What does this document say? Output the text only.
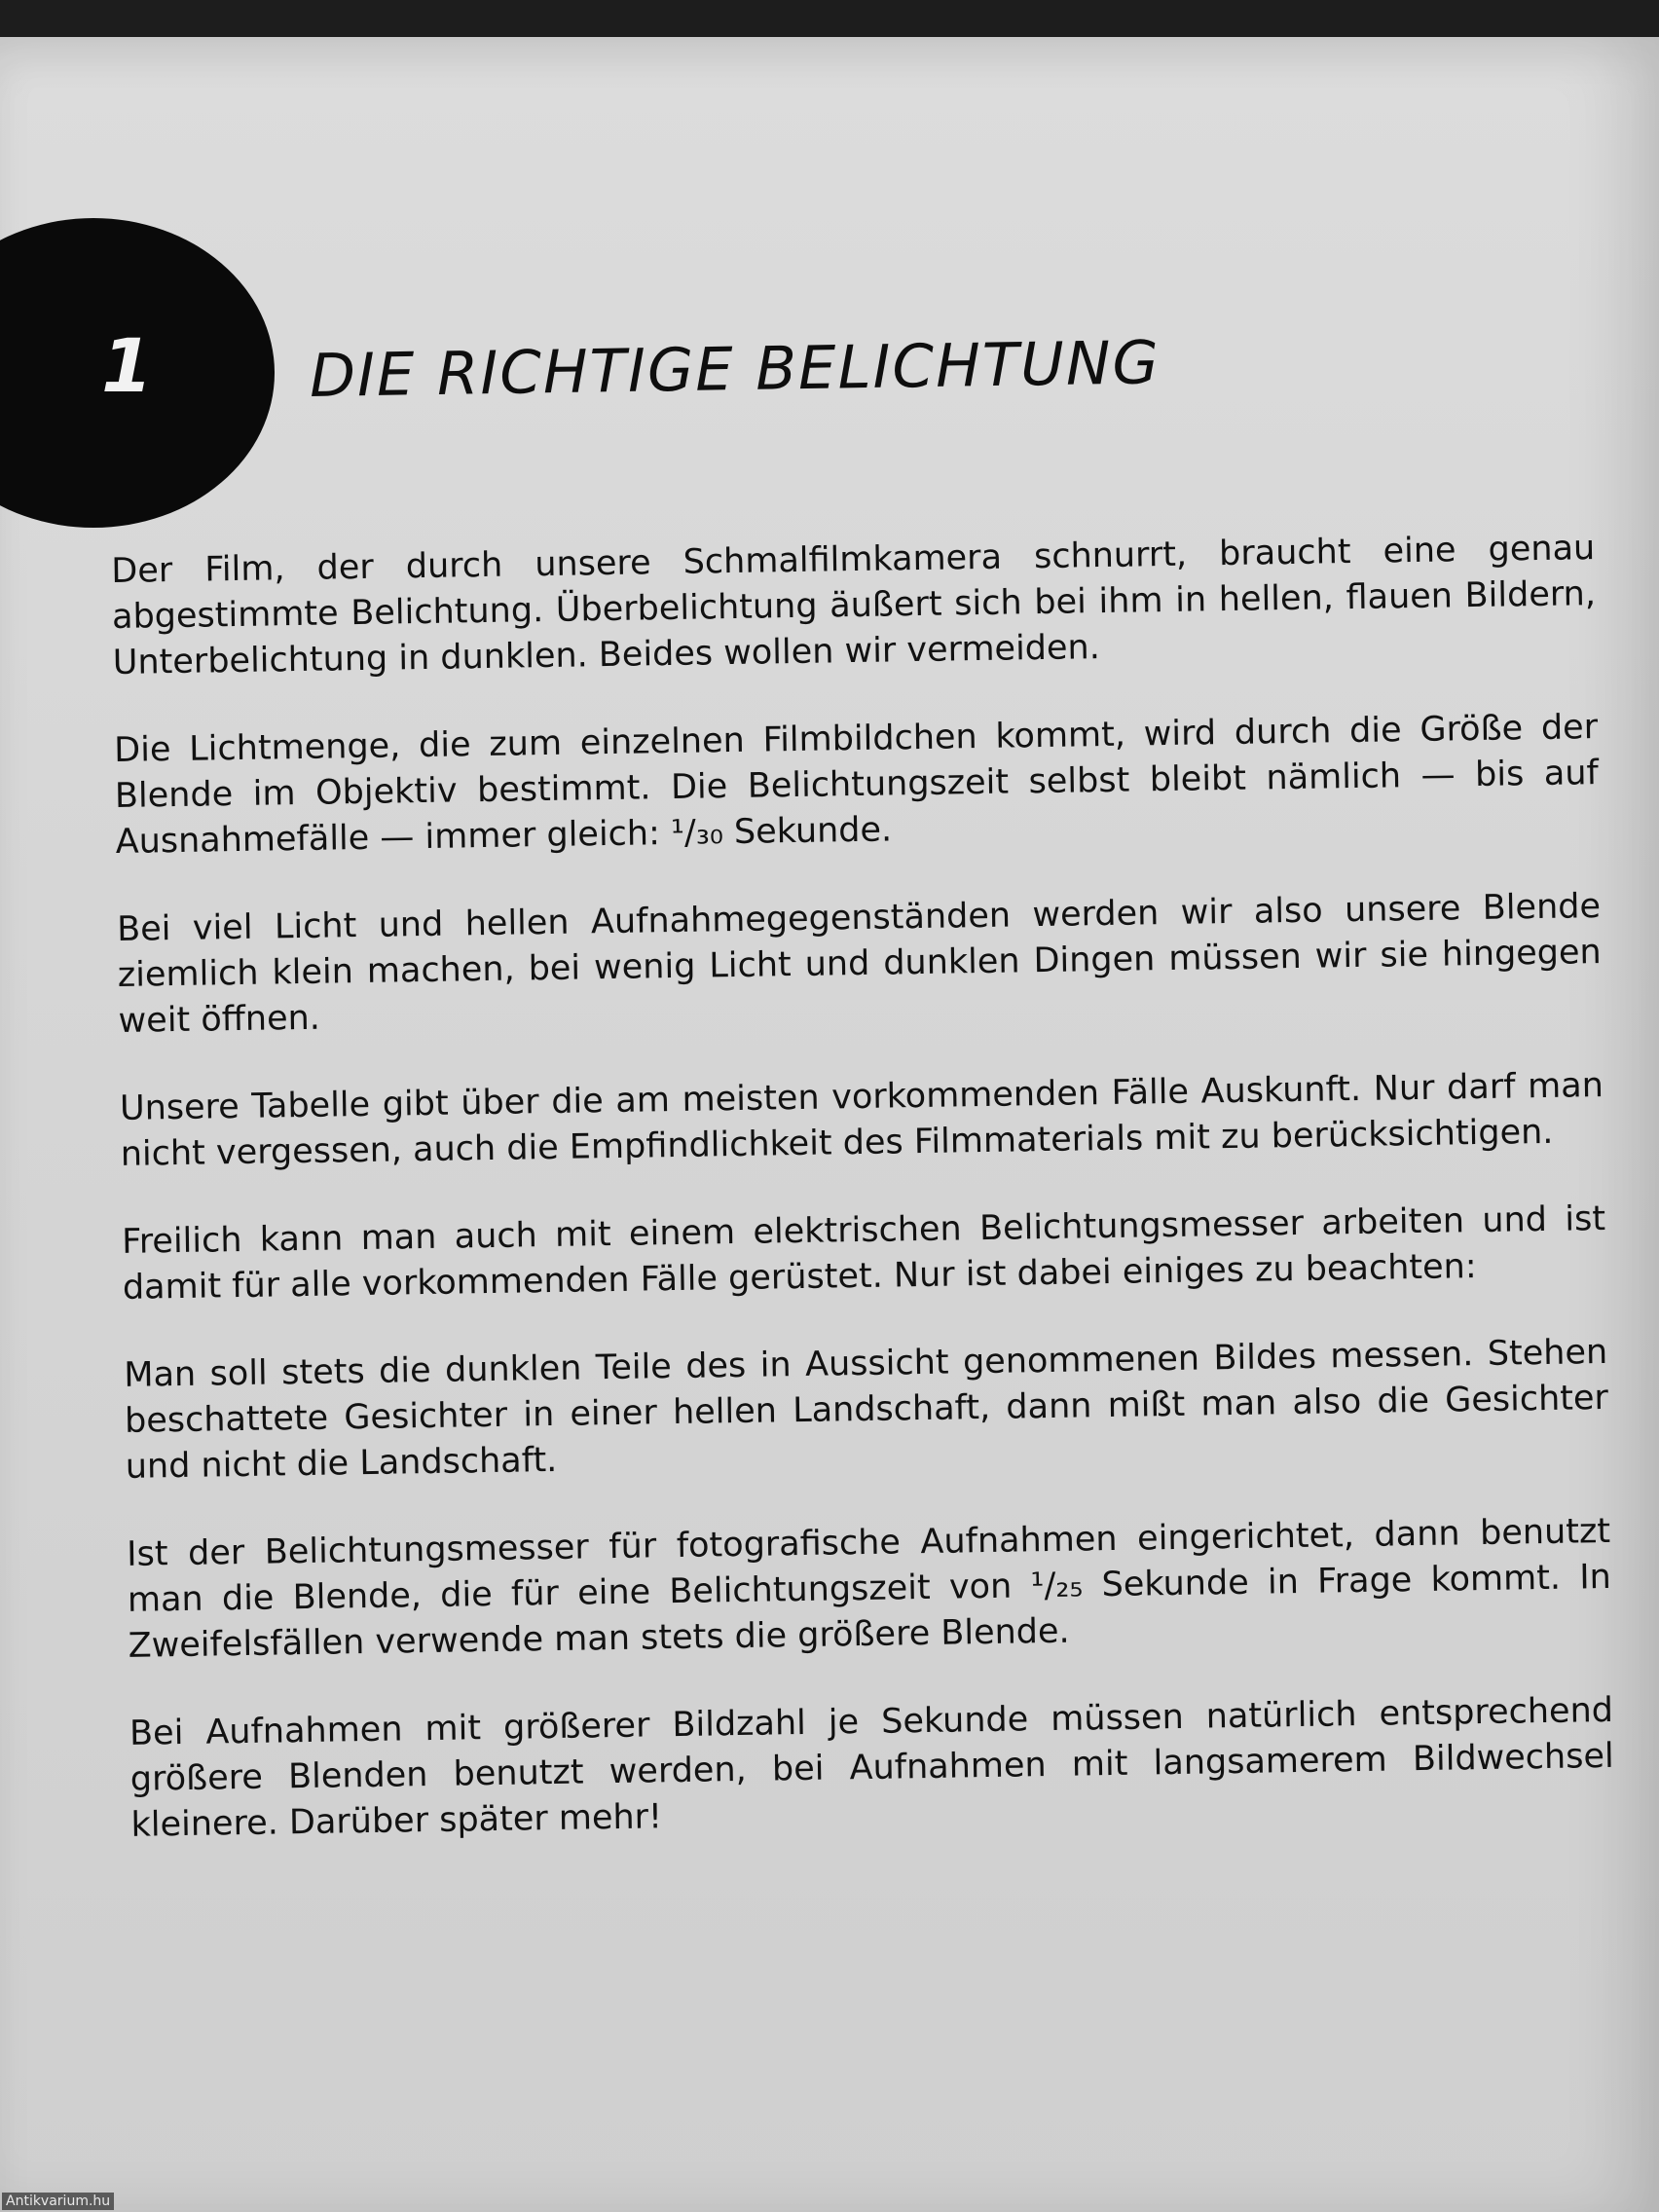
1	DIE RICHTIGE BELICHTUNG

Der Film, der durch unsere Schmalfilmkamera schnurrt, braucht eine genau abgestimmte Belichtung. Überbelichtung äußert sich bei ihm in hellen, flauen Bildern, Unterbelichtung in dunklen. Beides wollen wir vermeiden.

Die Lichtmenge, die zum einzelnen Filmbildchen kommt, wird durch die Größe der Blende im Objektiv bestimmt. Die Belichtungszeit selbst bleibt nämlich — bis auf Ausnahmefälle — immer gleich: ¹/₃₀ Sekunde.

Bei viel Licht und hellen Aufnahmegegenständen werden wir also unsere Blende ziemlich klein machen, bei wenig Licht und dunklen Dingen müssen wir sie hingegen weit öffnen.

Unsere Tabelle gibt über die am meisten vorkommenden Fälle Auskunft. Nur darf man nicht vergessen, auch die Empfindlichkeit des Filmmaterials mit zu berücksichtigen.

Freilich kann man auch mit einem elektrischen Belichtungsmesser arbeiten und ist damit für alle vorkommenden Fälle gerüstet. Nur ist dabei einiges zu beachten:

Man soll stets die dunklen Teile des in Aussicht genommenen Bildes messen. Stehen beschattete Gesichter in einer hellen Landschaft, dann mißt man also die Gesichter und nicht die Landschaft.

Ist der Belichtungsmesser für fotografische Aufnahmen eingerichtet, dann benutzt man die Blende, die für eine Belichtungszeit von ¹/₂₅ Sekunde in Frage kommt. In Zweifelsfällen verwende man stets die größere Blende.

Bei Aufnahmen mit größerer Bildzahl je Sekunde müssen natürlich entsprechend größere Blenden benutzt werden, bei Aufnahmen mit langsamerem Bildwechsel kleinere. Darüber später mehr!

Antikvarium.hu
